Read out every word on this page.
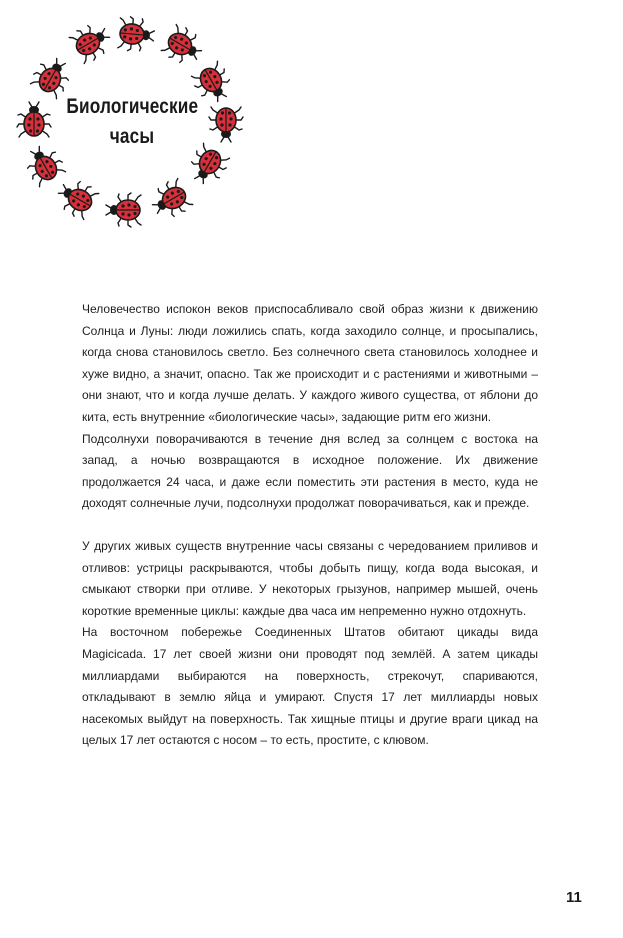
Биологические
часы

Человечество испокон веков приспосабливало свой образ жизни к движению Солнца и Луны: люди ложились спать, когда заходило солнце, и просыпались, когда снова становилось светло. Без солнечного света становилось холоднее и хуже видно, а значит, опасно. Так же происходит и с растениями и животными – они знают, что и когда лучше делать. У каждого живого существа, от яблони до кита, есть внутренние «биологические часы», задающие ритм его жизни.

Подсолнухи поворачиваются в течение дня вслед за солнцем с востока на запад, а ночью возвращаются в исходное положение. Их движение продолжается 24 часа, и даже если поместить эти растения в место, куда не доходят солнечные лучи, подсолнухи продолжат поворачиваться, как и прежде.

У других живых существ внутренние часы связаны с чередованием приливов и отливов: устрицы раскрываются, чтобы добыть пищу, когда вода высокая, и смыкают створки при отливе. У некоторых грызунов, например мышей, очень короткие временные циклы: каждые два часа им непременно нужно отдохнуть.

На восточном побережье Соединенных Штатов обитают цикады вида Magicicada. 17 лет своей жизни они проводят под землёй. А затем цикады миллиардами выбираются на поверхность, стрекочут, спариваются, откладывают в землю яйца и умирают. Спустя 17 лет миллиарды новых насекомых выйдут на поверхность. Так хищные птицы и другие враги цикад на целых 17 лет остаются с носом – то есть, простите, с клювом.

11
